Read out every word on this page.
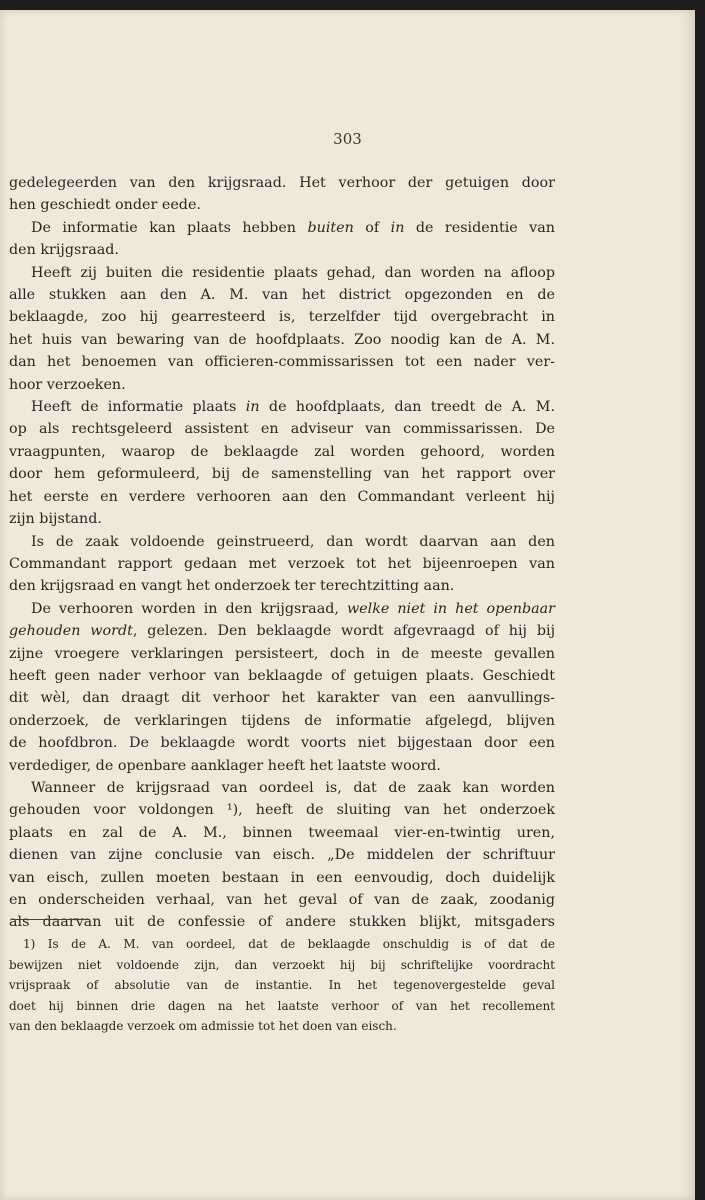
303
gedelegeerden van den krijgsraad. Het verhoor der getuigen door
hen geschiedt onder eede.
De informatie kan plaats hebben buiten of in de residentie van
den krijgsraad.
Heeft zij buiten die residentie plaats gehad, dan worden na afloop
alle stukken aan den A. M. van het district opgezonden en de
beklaagde, zoo hij gearresteerd is, terzelfder tijd overgebracht in
het huis van bewaring van de hoofdplaats. Zoo noodig kan de A. M.
dan het benoemen van officieren-commissarissen tot een nader ver-
hoor verzoeken.
Heeft de informatie plaats in de hoofdplaats, dan treedt de A. M.
op als rechtsgeleerd assistent en adviseur van commissarissen. De
vraagpunten, waarop de beklaagde zal worden gehoord, worden
door hem geformuleerd, bij de samenstelling van het rapport over
het eerste en verdere verhooren aan den Commandant verleent hij
zijn bijstand.
Is de zaak voldoende geinstrueerd, dan wordt daarvan aan den
Commandant rapport gedaan met verzoek tot het bijeenroepen van
den krijgsraad en vangt het onderzoek ter terechtzitting aan.
De verhooren worden in den krijgsraad, welke niet in het openbaar
gehouden wordt, gelezen. Den beklaagde wordt afgevraagd of hij bij
zijne vroegere verklaringen persisteert, doch in de meeste gevallen
heeft geen nader verhoor van beklaagde of getuigen plaats. Geschiedt
dit wèl, dan draagt dit verhoor het karakter van een aanvullings-
onderzoek, de verklaringen tijdens de informatie afgelegd, blijven
de hoofdbron. De beklaagde wordt voorts niet bijgestaan door een
verdediger, de openbare aanklager heeft het laatste woord.
Wanneer de krijgsraad van oordeel is, dat de zaak kan worden
gehouden voor voldongen ¹), heeft de sluiting van het onderzoek
plaats en zal de A. M., binnen tweemaal vier-en-twintig uren,
dienen van zijne conclusie van eisch. „De middelen der schriftuur
van eisch, zullen moeten bestaan in een eenvoudig, doch duidelijk
en onderscheiden verhaal, van het geval of van de zaak, zoodanig
als daarvan uit de confessie of andere stukken blijkt, mitsgaders
1) Is de A. M. van oordeel, dat de beklaagde onschuldig is of dat de
bewijzen niet voldoende zijn, dan verzoekt hij bij schriftelijke voordracht
vrijspraak of absolutie van de instantie. In het tegenovergestelde geval
doet hij binnen drie dagen na het laatste verhoor of van het recollement
van den beklaagde verzoek om admissie tot het doen van eisch.
